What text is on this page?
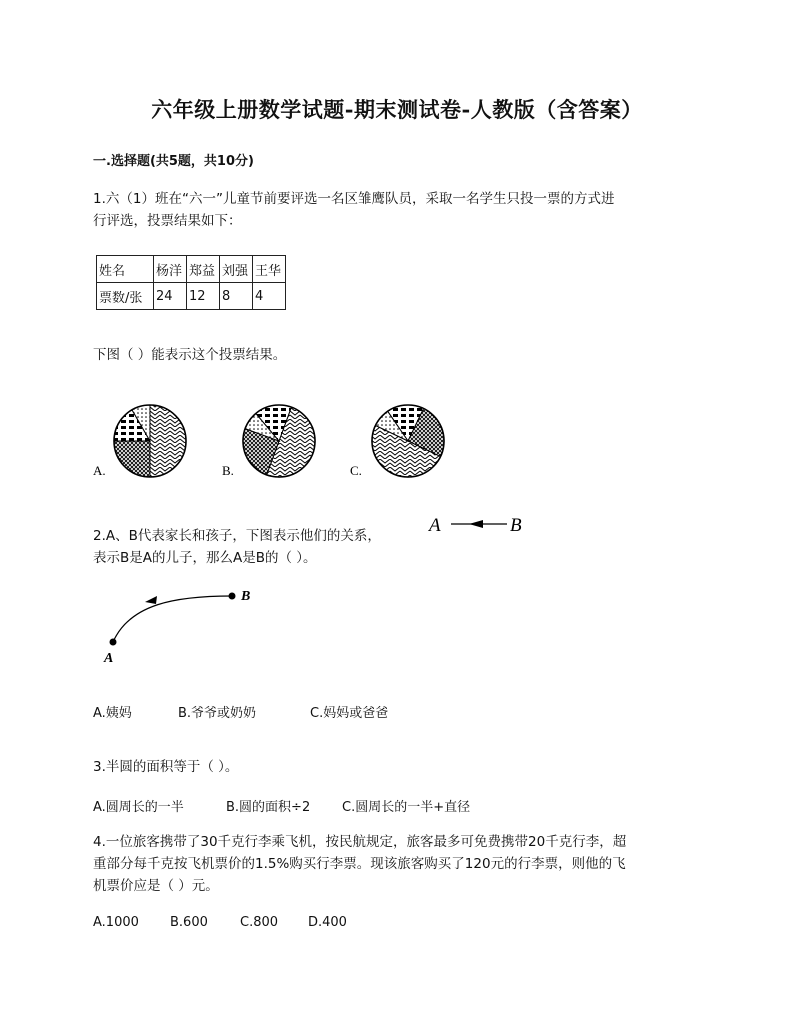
六年级上册数学试题-期末测试卷-人教版（含答案）
一.选择题(共5题，共10分)
1.六（1）班在“六一”儿童节前要评选一名区雏鹰队员，采取一名学生只投一票的方式进
行评选，投票结果如下：
姓名	杨洋	郑益	刘强	王华
票数/张	24	12	8	4
下图（ ）能表示这个投票结果。
A.	B.	C.
2.A、B代表家长和孩子，下图表示他们的关系，
表示B是A的儿子，那么A是B的（ ）。
A	B
B
A
A.姨妈	B.爷爷或奶奶	C.妈妈或爸爸
3.半圆的面积等于（ ）。
A.圆周长的一半	B.圆的面积÷2 C.圆周长的一半+直径
4.一位旅客携带了30千克行李乘飞机，按民航规定，旅客最多可免费携带20千克行李，超
重部分每千克按飞机票价的1.5%购买行李票。现该旅客购买了120元的行李票，则他的飞
机票价应是（ ）元。
A.1000 B.600 C.800 D.400
